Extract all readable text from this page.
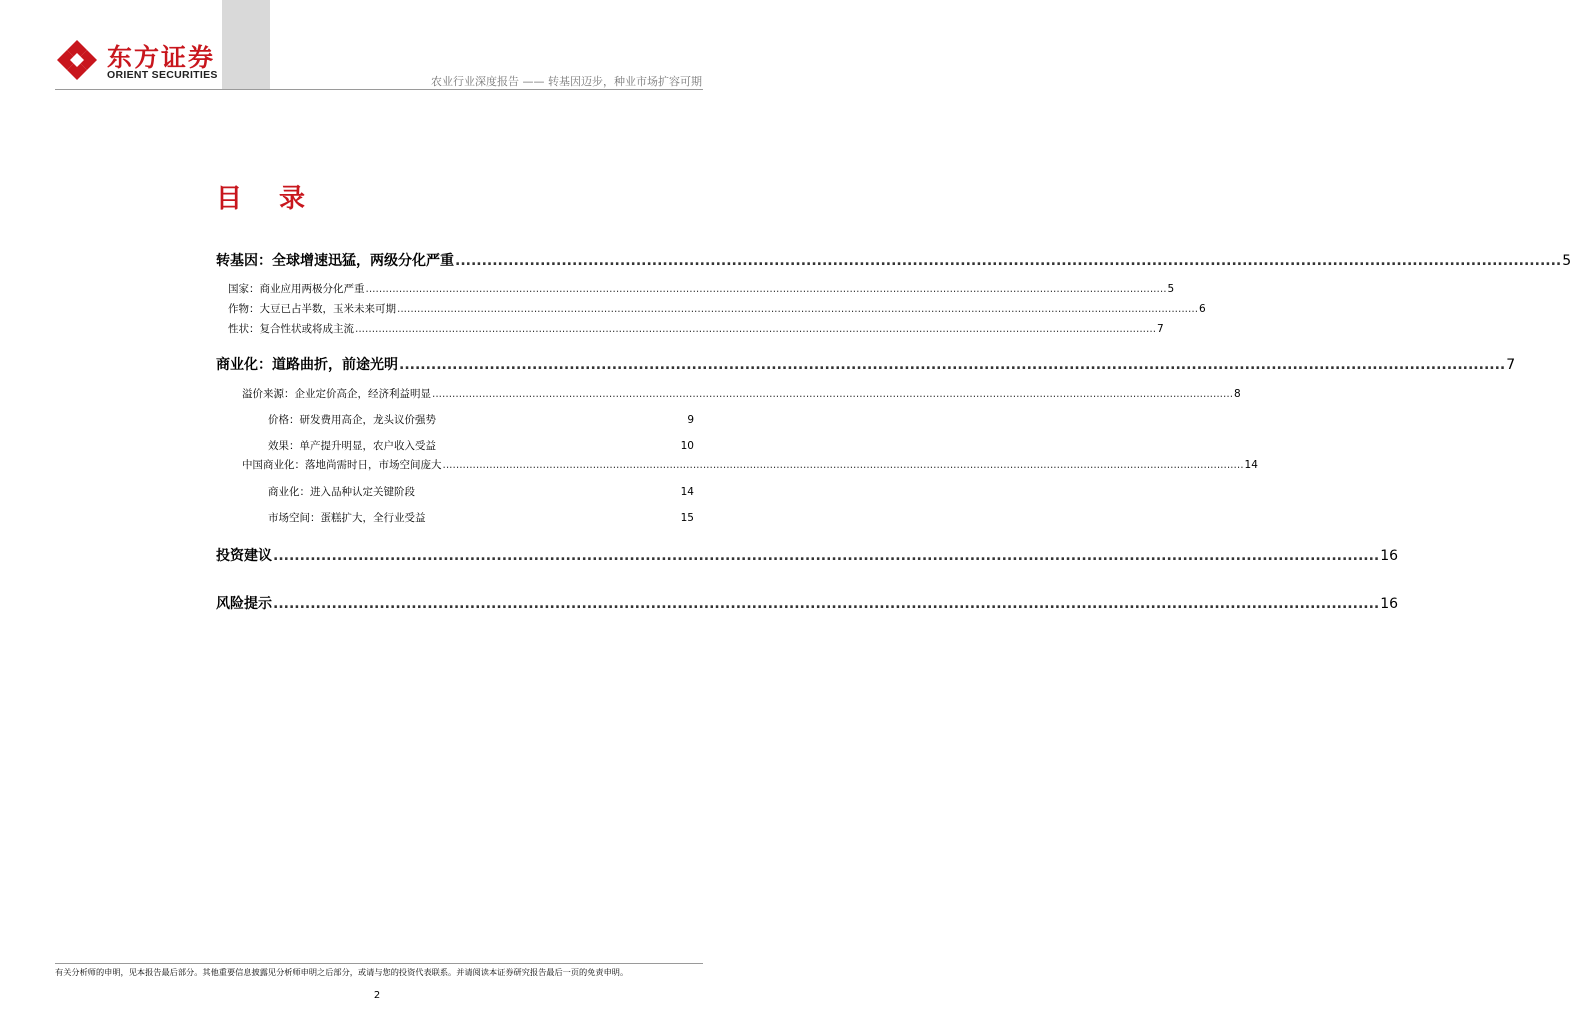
东方证券
ORIENT SECURITIES	农业行业深度报告 —— 转基因迈步，种业市场扩容可期
目 录
转基因：全球增速迅猛，两级分化严重 ................................................................................................................................................................................................................ 5
国家：商业应用两极分化严重 ................................................................................................................................................................................................................................................ 5
作物：大豆已占半数，玉米未来可期 ................................................................................................................................................................................................................................................ 6
性状：复合性状或将成主流 ................................................................................................................................................................................................................................................ 7
商业化：道路曲折，前途光明 ................................................................................................................................................................................................................ 7
溢价来源：企业定价高企，经济利益明显 ................................................................................................................................................................................................................................................ 8
价格：研发费用高企，龙头议价强势	9
效果：单产提升明显，农户收入受益	10
中国商业化：落地尚需时日，市场空间庞大 ................................................................................................................................................................................................................................................ 14
商业化：进入品种认定关键阶段	14
市场空间：蛋糕扩大，全行业受益	15
投资建议 ................................................................................................................................................................................................................ 16
风险提示 ................................................................................................................................................................................................................ 16
有关分析师的申明，见本报告最后部分。其他重要信息披露见分析师申明之后部分，或请与您的投资代表联系。并请阅读本证券研究报告最后一页的免责申明。
2
